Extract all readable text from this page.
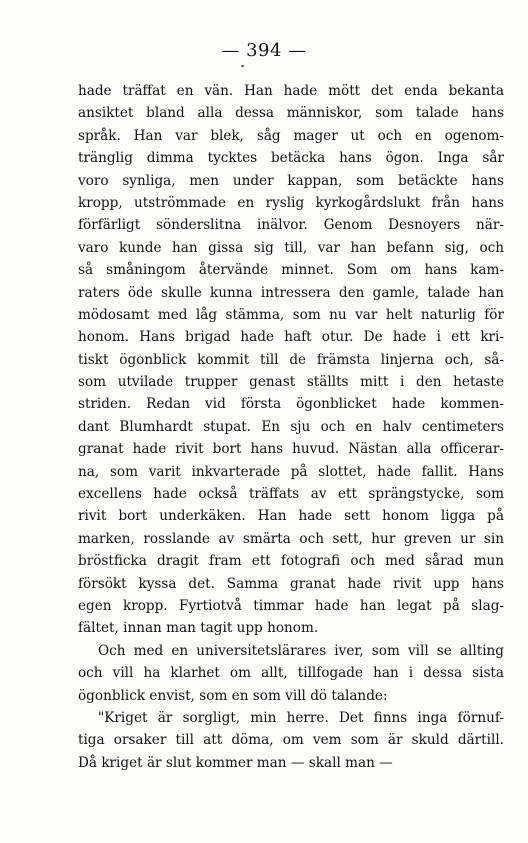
— 394 —
hade träffat en vän. Han hade mött det enda bekanta
ansiktet bland alla dessa människor, som talade hans
språk. Han var blek, såg mager ut och en ogenom-
tränglig dimma tycktes betäcka hans ögon. Inga sår
voro synliga, men under kappan, som betäckte hans
kropp, utströmmade en ryslig kyrkogårdslukt från hans
förfärligt sönderslitna inälvor. Genom Desnoyers när-
varo kunde han gissa sig till, var han befann sig, och
så småningom återvände minnet. Som om hans kam-
raters öde skulle kunna intressera den gamle, talade han
mödosamt med låg stämma, som nu var helt naturlig för
honom. Hans brigad hade haft otur. De hade i ett kri-
tiskt ögonblick kommit till de främsta linjerna och, så-
som utvilade trupper genast ställts mitt i den hetaste
striden. Redan vid första ögonblicket hade kommen-
dant Blumhardt stupat. En sju och en halv centimeters
granat hade rivit bort hans huvud. Nästan alla officerar-
na, som varit inkvarterade på slottet, hade fallit. Hans
excellens hade också träffats av ett sprängstycke, som
rivit bort underkäken. Han hade sett honom ligga på
marken, rosslande av smärta och sett, hur greven ur sin
bröstficka dragit fram ett fotografi och med sårad mun
försökt kyssa det. Samma granat hade rivit upp hans
egen kropp. Fyrtiotvå timmar hade han legat på slag-
fältet, innan man tagit upp honom.
Och med en universitetslärares iver, som vill se allting
och vill ha klarhet om allt, tillfogade han i dessa sista
ögonblick envist, som en som vill dö talande:
"Kriget är sorgligt, min herre. Det finns inga förnuf-
tiga orsaker till att döma, om vem som är skuld därtill.
Då kriget är slut kommer man — skall man —
